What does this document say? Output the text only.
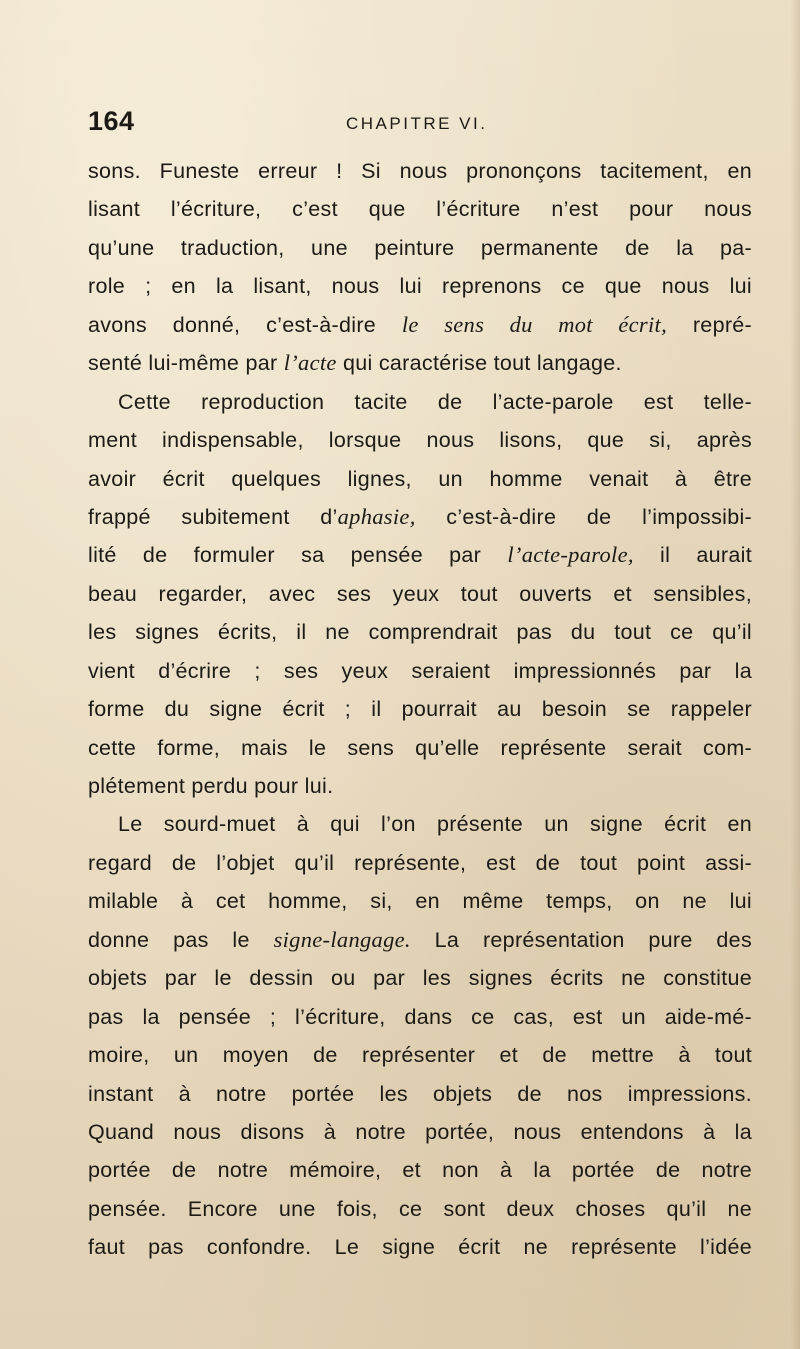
164	CHAPITRE VI.
sons. Funeste erreur ! Si nous prononçons tacitement, en
lisant l’écriture, c’est que l’écriture n’est pour nous
qu’une traduction, une peinture permanente de la pa-
role ; en la lisant, nous lui reprenons ce que nous lui
avons donné, c’est-à-dire le sens du mot écrit, repré-
senté lui-même par l’acte qui caractérise tout langage.
Cette reproduction tacite de l’acte-parole est telle-
ment indispensable, lorsque nous lisons, que si, après
avoir écrit quelques lignes, un homme venait à être
frappé subitement d’aphasie, c’est-à-dire de l’impossibi-
lité de formuler sa pensée par l’acte-parole, il aurait
beau regarder, avec ses yeux tout ouverts et sensibles,
les signes écrits, il ne comprendrait pas du tout ce qu’il
vient d’écrire ; ses yeux seraient impressionnés par la
forme du signe écrit ; il pourrait au besoin se rappeler
cette forme, mais le sens qu’elle représente serait com-
plétement perdu pour lui.
Le sourd-muet à qui l’on présente un signe écrit en
regard de l’objet qu’il représente, est de tout point assi-
milable à cet homme, si, en même temps, on ne lui
donne pas le signe-langage. La représentation pure des
objets par le dessin ou par les signes écrits ne constitue
pas la pensée ; l’écriture, dans ce cas, est un aide-mé-
moire, un moyen de représenter et de mettre à tout
instant à notre portée les objets de nos impressions.
Quand nous disons à notre portée, nous entendons à la
portée de notre mémoire, et non à la portée de notre
pensée. Encore une fois, ce sont deux choses qu’il ne
faut pas confondre. Le signe écrit ne représente l’idée
